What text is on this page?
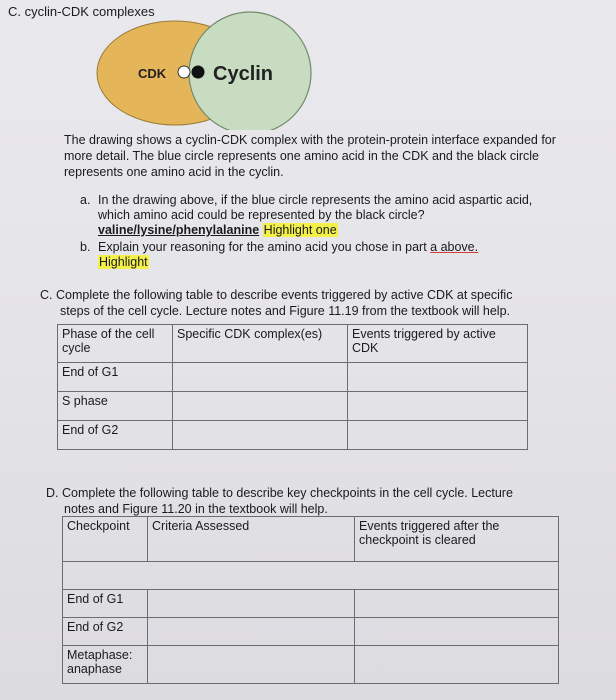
C. cyclin-CDK complexes
CDK Cyclin
The drawing shows a cyclin-CDK complex with the protein-protein interface expanded for
more detail. The blue circle represents one amino acid in the CDK and the black circle
represents one amino acid in the cyclin.
a. In the drawing above, if the blue circle represents the amino acid aspartic acid,
which amino acid could be represented by the black circle?
valine/lysine/phenylalanine Highlight one
b. Explain your reasoning for the amino acid you chose in part a above.
Highlight
C. Complete the following table to describe events triggered by active CDK at specific
steps of the cell cycle. Lecture notes and Figure 11.19 from the textbook will help.
Phase of the cell cycle	Specific CDK complex(es)	Events triggered by active CDK
End of G1		
S phase		
End of G2		
D. Complete the following table to describe key checkpoints in the cell cycle. Lecture
notes and Figure 11.20 in the textbook will help.
Checkpoint	Criteria Assessed	Events triggered after the checkpoint is cleared

End of G1		
End of G2		
Metaphase: anaphase		
